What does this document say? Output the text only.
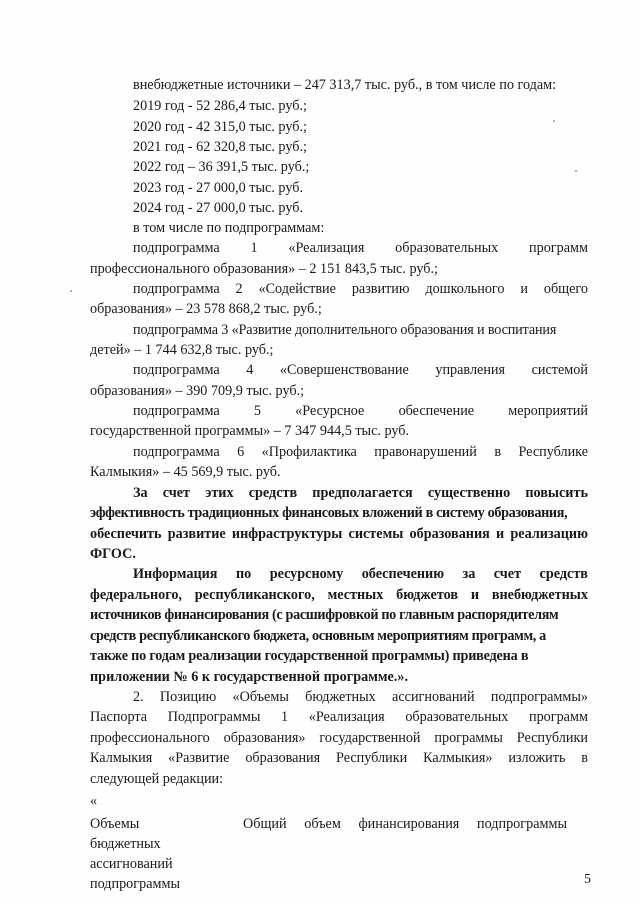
внебюджетные источники – 247 313,7 тыс. руб., в том числе по годам:
2019 год - 52 286,4 тыс. руб.;
2020 год - 42 315,0 тыс. руб.;
2021 год - 62 320,8 тыс. руб.;
2022 год – 36 391,5 тыс. руб.;
2023 год - 27 000,0 тыс. руб.
2024 год - 27 000,0 тыс. руб.
в том числе по подпрограммам:
подпрограмма 1 «Реализация образовательных программ
профессионального образования» – 2 151 843,5 тыс. руб.;
подпрограмма 2 «Содействие развитию дошкольного и общего
образования» – 23 578 868,2 тыс. руб.;
подпрограмма 3 «Развитие дополнительного образования и воспитания
детей» – 1 744 632,8 тыс. руб.;
подпрограмма 4 «Совершенствование управления системой
образования» – 390 709,9 тыс. руб.;
подпрограмма 5 «Ресурсное обеспечение мероприятий
государственной программы» – 7 347 944,5 тыс. руб.
подпрограмма 6 «Профилактика правонарушений в Республике
Калмыкия» – 45 569,9 тыс. руб.
За счет этих средств предполагается существенно повысить
эффективность традиционных финансовых вложений в систему образования,
обеспечить развитие инфраструктуры системы образования и реализацию
ФГОС.
Информация по ресурсному обеспечению за счет средств
федерального, республиканского, местных бюджетов и внебюджетных
источников финансирования (с расшифровкой по главным распорядителям
средств республиканского бюджета, основным мероприятиям программ, а
также по годам реализации государственной программы) приведена в
приложении № 6 к государственной программе.».
2. Позицию «Объемы бюджетных ассигнований подпрограммы»
Паспорта Подпрограммы 1 «Реализация образовательных программ
профессионального образования» государственной программы Республики
Калмыкия «Развитие образования Республики Калмыкия» изложить в
следующей редакции:
«
Объемы
бюджетных
ассигнований
подпрограммы
Общий объем финансирования подпрограммы
5
